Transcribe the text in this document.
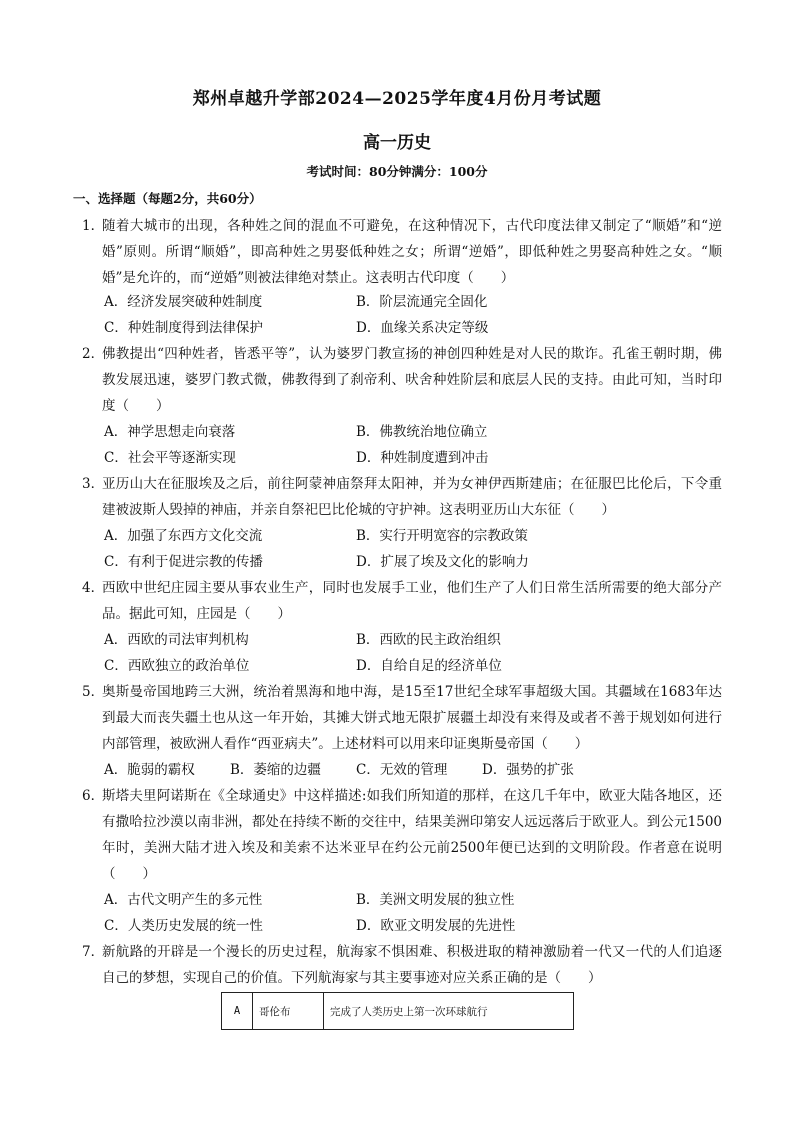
郑州卓越升学部2024—2025学年度4月份月考试题
高一历史
考试时间：80分钟满分：100分
一、选择题（每题2分，共60分）
1．
随着大城市的出现，各种姓之间的混血不可避免，在这种情况下，古代印度法律又制定了“顺婚”和“逆婚”原则。所谓“顺婚”，即高种姓之男娶低种姓之女；所谓“逆婚”，即低种姓之男娶高种姓之女。“顺婚”是允许的，而“逆婚”则被法律绝对禁止。这表明古代印度（　　）
A．经济发展突破种姓制度	B．阶层流通完全固化
C．种姓制度得到法律保护	D．血缘关系决定等级
2．
佛教提出“四种姓者，皆悉平等”，认为婆罗门教宣扬的神创四种姓是对人民的欺诈。孔雀王朝时期，佛教发展迅速，婆罗门教式微，佛教得到了刹帝利、吠舍种姓阶层和底层人民的支持。由此可知，当时印度（　　）
A．神学思想走向衰落	B．佛教统治地位确立
C．社会平等逐渐实现	D．种姓制度遭到冲击
3．
亚历山大在征服埃及之后，前往阿蒙神庙祭拜太阳神，并为女神伊西斯建庙；在征服巴比伦后，下令重建被波斯人毁掉的神庙，并亲自祭祀巴比伦城的守护神。这表明亚历山大东征（　　）
A．加强了东西方文化交流	B．实行开明宽容的宗教政策
C．有利于促进宗教的传播	D．扩展了埃及文化的影响力
4．
西欧中世纪庄园主要从事农业生产，同时也发展手工业，他们生产了人们日常生活所需要的绝大部分产品。据此可知，庄园是（　　）
A．西欧的司法审判机构	B．西欧的民主政治组织
C．西欧独立的政治单位	D．自给自足的经济单位
5．
奥斯曼帝国地跨三大洲，统治着黑海和地中海，是15至17世纪全球军事超级大国。其疆域在1683年达到最大而丧失疆土也从这一年开始，其摊大饼式地无限扩展疆土却没有来得及或者不善于规划如何进行内部管理，被欧洲人看作“西亚病夫”。上述材料可以用来印证奥斯曼帝国（　　）
A．脆弱的霸权	B．萎缩的边疆	C．无效的管理	D．强势的扩张
6．
斯塔夫里阿诺斯在《全球通史》中这样描述:如我们所知道的那样，在这几千年中，欧亚大陆各地区，还有撒哈拉沙漠以南非洲，都处在持续不断的交往中，结果美洲印第安人远远落后于欧亚人。到公元1500年时，美洲大陆才进入埃及和美索不达米亚早在约公元前2500年便已达到的文明阶段。作者意在说明（　　）
A．古代文明产生的多元性	B．美洲文明发展的独立性
C．人类历史发展的统一性	D．欧亚文明发展的先进性
7．
新航路的开辟是一个漫长的历史过程，航海家不惧困难、积极进取的精神激励着一代又一代的人们追逐自己的梦想，实现自己的价值。下列航海家与其主要事迹对应关系正确的是（　　）
A	哥伦布	完成了人类历史上第一次环球航行
